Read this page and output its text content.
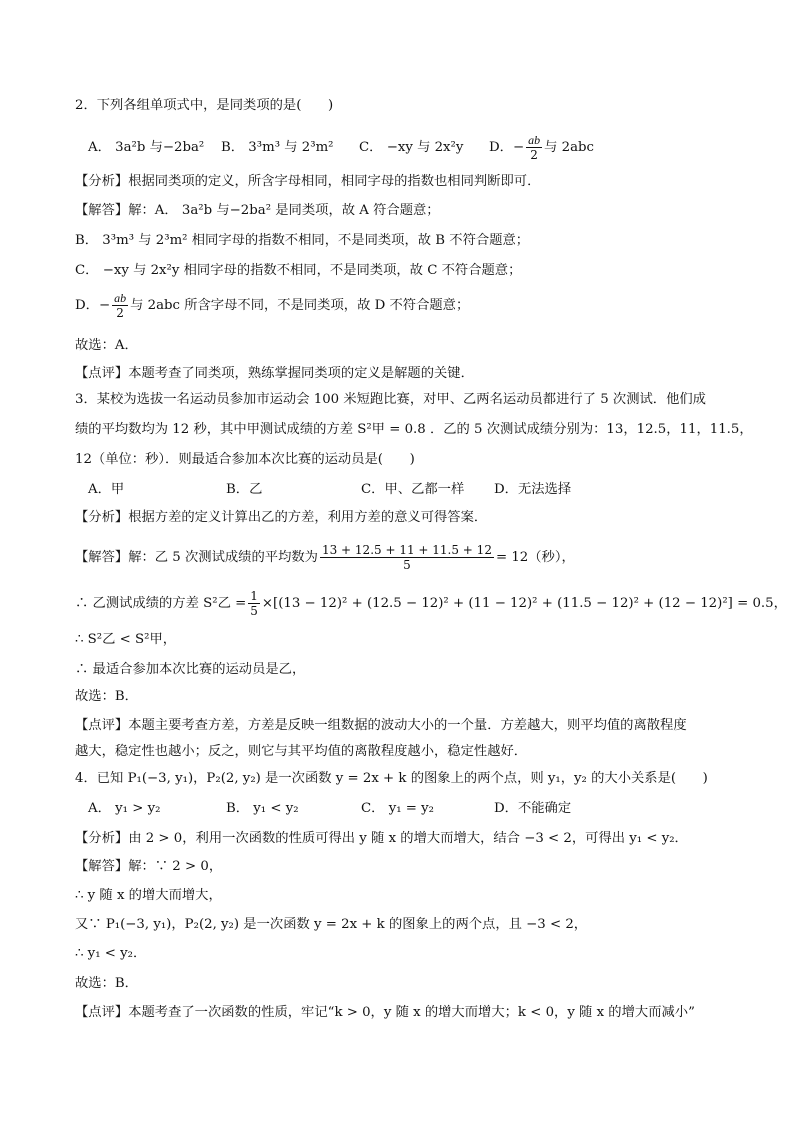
2．下列各组单项式中，是同类项的是(　　)
A． 3a²b 与−2ba² B． 3³m³ 与 2³m² C． −xy 与 2x²y D．− $\frac{ab}{2}$ 与 2abc
【分析】根据同类项的定义，所含字母相同，相同字母的指数也相同判断即可．
【解答】解：A． 3a²b 与−2ba² 是同类项，故 A 符合题意；
B． 3³m³ 与 2³m² 相同字母的指数不相同，不是同类项，故 B 不符合题意；
C． −xy 与 2x²y 相同字母的指数不相同，不是同类项，故 C 不符合题意；
D．− $\frac{ab}{2}$ 与 2abc 所含字母不同，不是同类项，故 D 不符合题意；
故选：A．
【点评】本题考查了同类项，熟练掌握同类项的定义是解题的关键．
3．某校为选拔一名运动员参加市运动会 100 米短跑比赛，对甲、乙两名运动员都进行了 5 次测试．他们成
绩的平均数均为 12 秒，其中甲测试成绩的方差 S²甲 = 0.8 ．乙的 5 次测试成绩分别为：13，12.5，11，11.5，
12（单位：秒）．则最适合参加本次比赛的运动员是(　　)
A．甲	B．乙	C．甲、乙都一样 D．无法选择
【分析】根据方差的定义计算出乙的方差，利用方差的意义可得答案．
【解答】解：乙 5 次测试成绩的平均数为 $\frac{13 + 12.5 + 11 + 11.5 + 12}{5} = 12$（秒），
∴ 乙测试成绩的方差 S²乙 = $\frac{1}{5} \times[(13 - 12)^2 + (12.5 - 12)^2 + (11 - 12)^2 + (11.5 - 12)^2 + (12 - 12)^2] = 0.5$，
∴ S²乙 < S²甲，
∴ 最适合参加本次比赛的运动员是乙，
故选：B．
【点评】本题主要考查方差，方差是反映一组数据的波动大小的一个量．方差越大，则平均值的离散程度
越大，稳定性也越小；反之，则它与其平均值的离散程度越小，稳定性越好．
4．已知 P₁(−3, y₁)，P₂(2, y₂) 是一次函数 y = 2x + k 的图象上的两个点，则 y₁，y₂ 的大小关系是(　　)
A． y₁ > y₂	B． y₁ < y₂	C． y₁ = y₂	D．不能确定
【分析】由 2 > 0，利用一次函数的性质可得出 y 随 x 的增大而增大，结合 −3 < 2，可得出 y₁ < y₂．
【解答】解：∵ 2 > 0，
∴ y 随 x 的增大而增大，
又∵ P₁(−3, y₁)，P₂(2, y₂) 是一次函数 y = 2x + k 的图象上的两个点，且 −3 < 2，
∴ y₁ < y₂．
故选：B．
【点评】本题考查了一次函数的性质，牢记“k > 0，y 随 x 的增大而增大；k < 0，y 随 x 的增大而减小”
